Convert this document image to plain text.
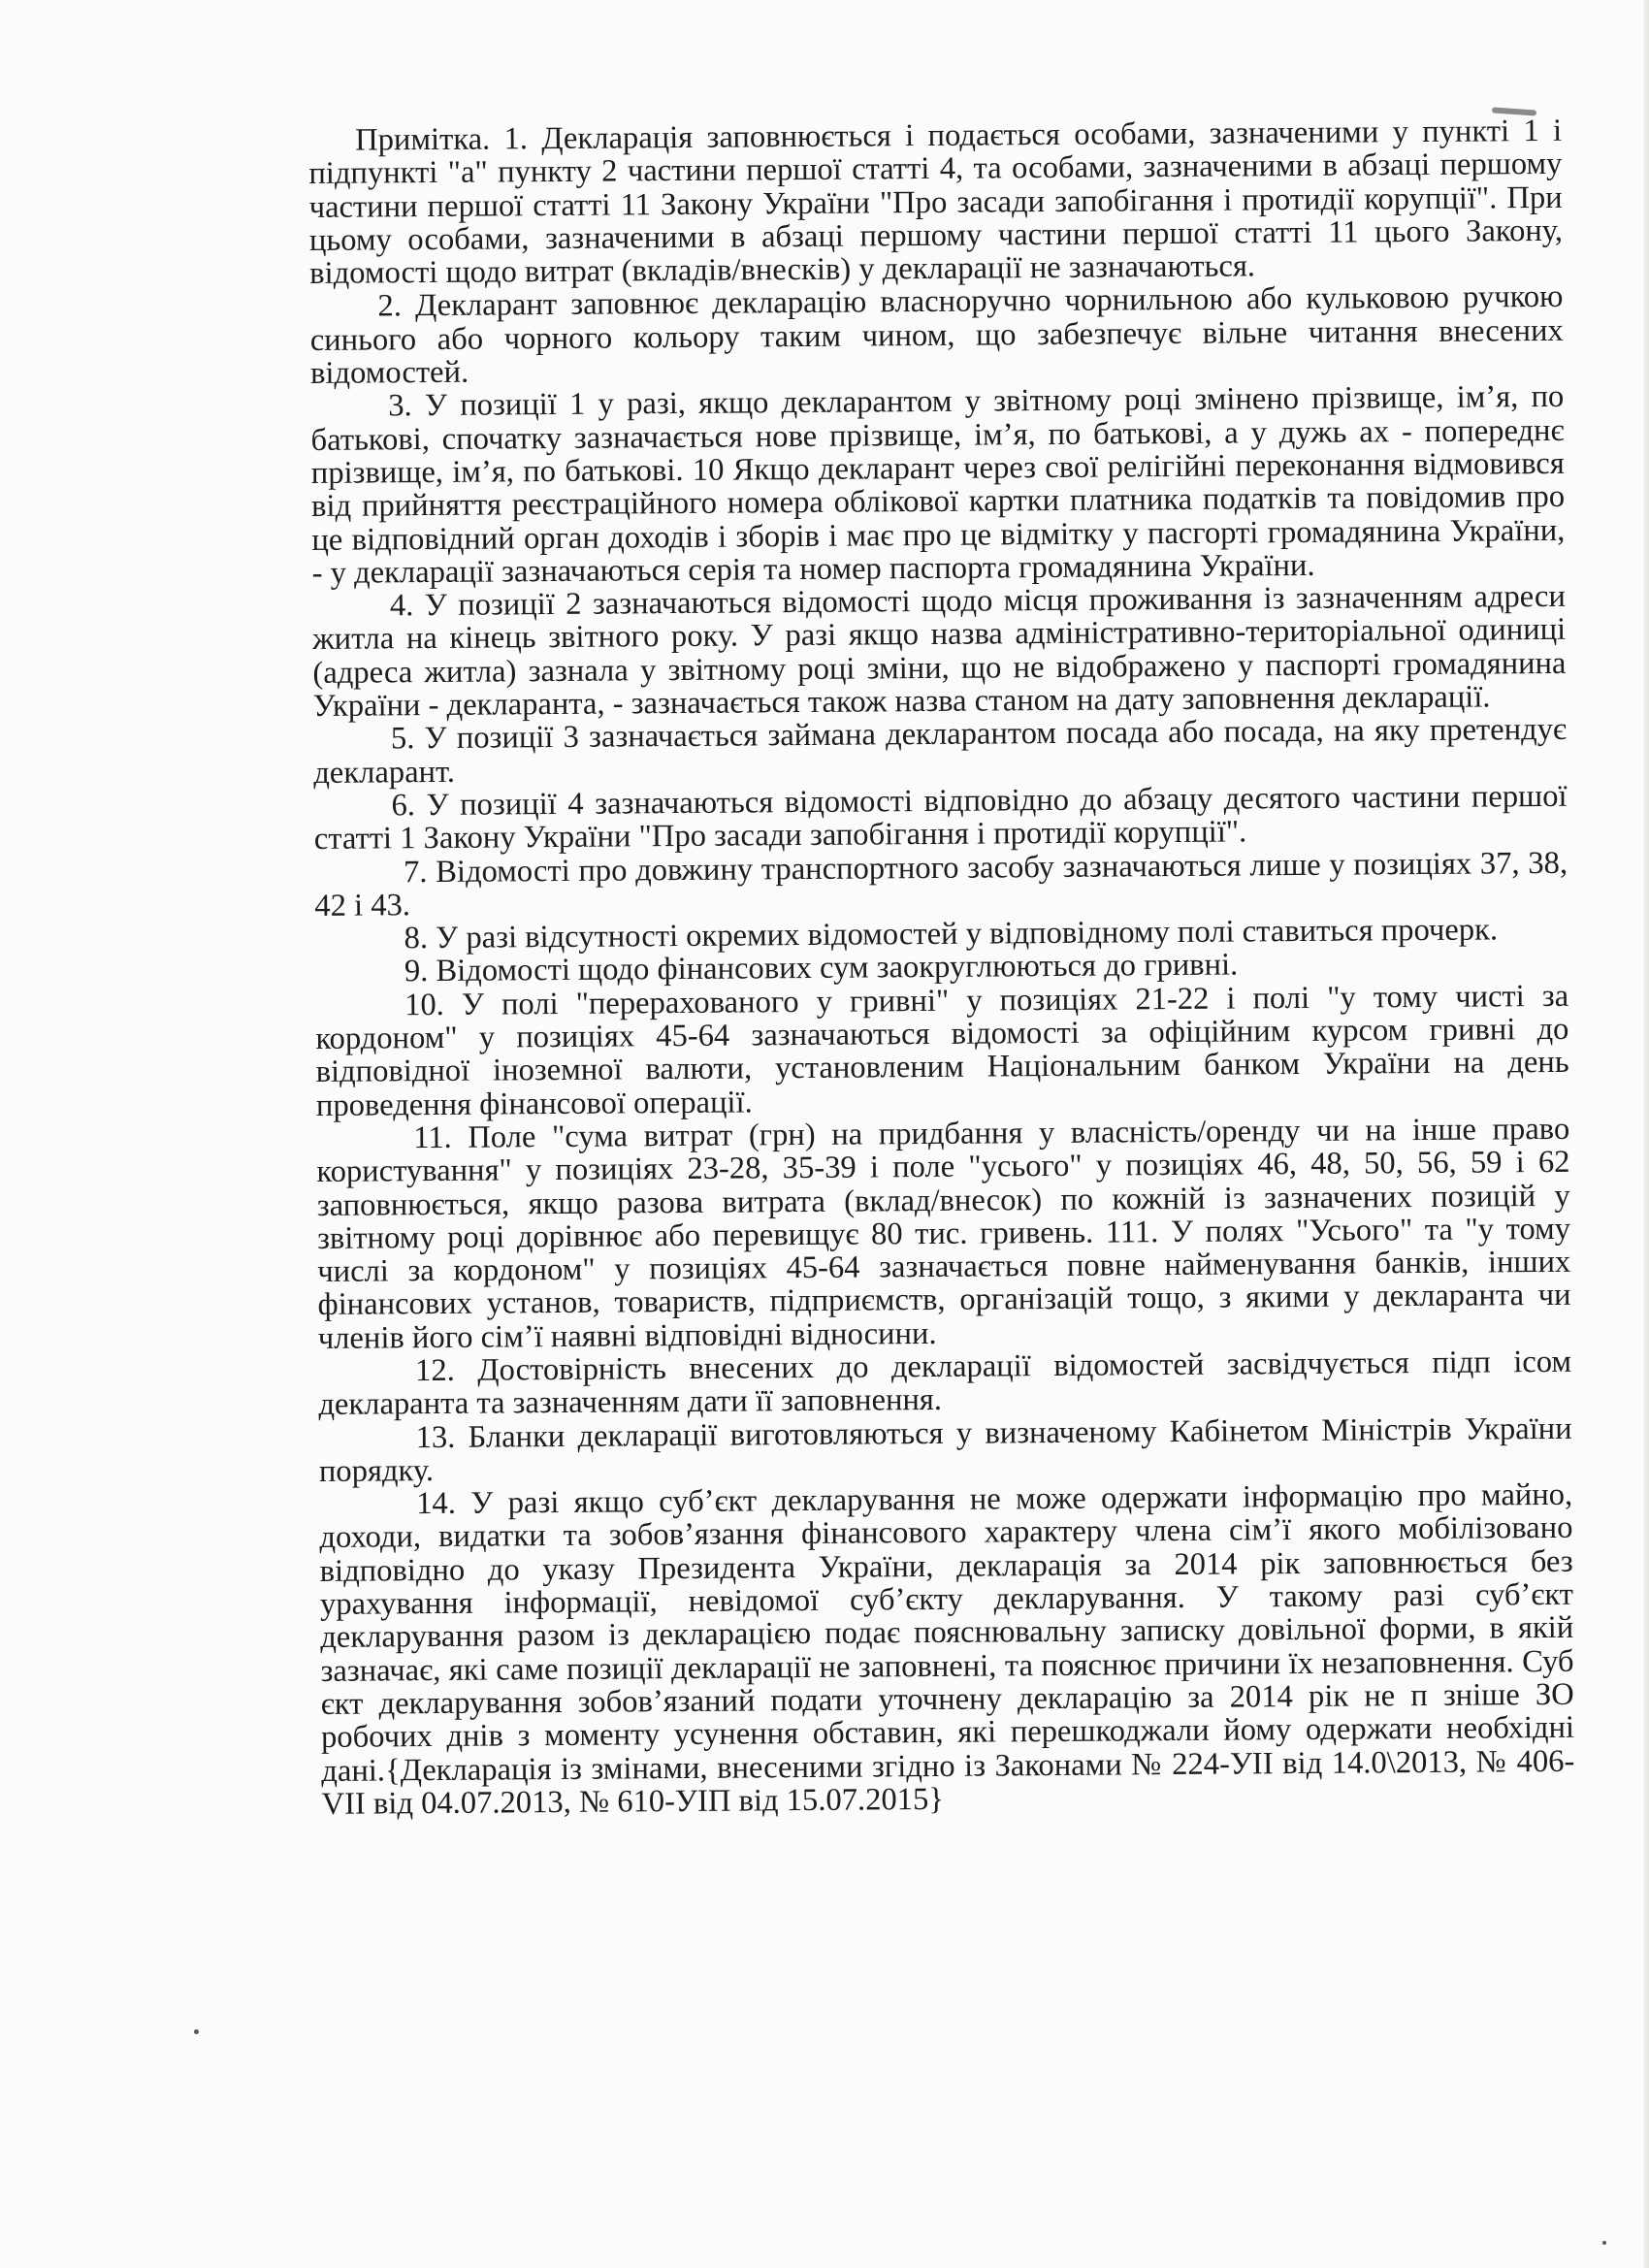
Примітка. 1. Декларація заповнюється і подається особами, зазначеними у пункті 1 і підпункті "а" пункту 2 частини першої статті 4, та особами, зазначеними в абзаці першому частини першої статті 11 Закону України "Про засади запобігання і протидії корупції". При цьому особами, зазначеними в абзаці першому частини першої статті 11 цього Закону, відомості щодо витрат (вкладів/внесків) у декларації не зазначаються.

2. Декларант заповнює декларацію власноручно чорнильною або кульковою ручкою синього або чорного кольору таким чином, що забезпечує вільне читання внесених відомостей.

3. У позиції 1 у разі, якщо декларантом у звітному році змінено прізвище, ім’я, по батькові, спочатку зазначається нове прізвище, ім’я, по батькові, а у дужь ах - попереднє прізвище, ім’я, по батькові. 10 Якщо декларант через свої релігійні переконання відмовився від прийняття реєстраційного номера облікової картки платника податків та повідомив про це відповідний орган доходів і зборів і має про це відмітку у пасгорті громадянина України, - у декларації зазначаються серія та номер паспорта громадянина України.

4. У позиції 2 зазначаються відомості щодо місця проживання із зазначенням адреси житла на кінець звітного року. У разі якщо назва адміністративно-територіальної одиниці (адреса житла) зазнала у звітному році зміни, що не відображено у паспорті громадянина України - декларанта, - зазначається також назва станом на дату заповнення декларації.

5. У позиції 3 зазначається займана декларантом посада або посада, на яку претендує декларант.

6. У позиції 4 зазначаються відомості відповідно до абзацу десятого частини першої статті 1 Закону України "Про засади запобігання і протидії корупції".

7. Відомості про довжину транспортного засобу зазначаються лише у позиціях 37, 38, 42 і 43.

8. У разі відсутності окремих відомостей у відповідному полі ставиться прочерк.

9. Відомості щодо фінансових сум заокруглюються до гривні.

10. У полі "перерахованого у гривні" у позиціях 21-22 і полі "у тому чисті за кордоном" у позиціях 45-64 зазначаються відомості за офіційним курсом гривні до відповідної іноземної валюти, установленим Національним банком України на день проведення фінансової операції.

11. Поле "сума витрат (грн) на придбання у власність/оренду чи на інше право користування" у позиціях 23-28, 35-39 і поле "усього" у позиціях 46, 48, 50, 56, 59 і 62 заповнюється, якщо разова витрата (вклад/внесок) по кожній із зазначених позицій у звітному році дорівнює або перевищує 80 тис. гривень. 111. У полях "Усього" та "у тому числі за кордоном" у позиціях 45-64 зазначається повне найменування банків, інших фінансових установ, товариств, підприємств, організацій тощо, з якими у декларанта чи членів його сім’ї наявні відповідні відносини.

12. Достовірність внесених до декларації відомостей засвідчується підп ісом декларанта та зазначенням дати її заповнення.

13. Бланки декларації виготовляються у визначеному Кабінетом Міністрів України порядку.

14. У разі якщо суб’єкт декларування не може одержати інформацію про майно, доходи, видатки та зобов’язання фінансового характеру члена сім’ї якого мобілізовано відповідно до указу Президента України, декларація за 2014 рік заповнюється без урахування інформації, невідомої суб’єкту декларування. У такому разі суб’єкт декларування разом із декларацією подає пояснювальну записку довільної форми, в якій зазначає, які саме позиції декларації не заповнені, та пояснює причини їх незаповнення. Суб єкт декларування зобов’язаний подати уточнену декларацію за 2014 рік не п зніше ЗО робочих днів з моменту усунення обставин, які перешкоджали йому одержати необхідні дані.{Декларація із змінами, внесеними згідно із Законами № 224-УІІ від 14.0\2013, № 406-VII від 04.07.2013, № 610-УІП від 15.07.2015}
